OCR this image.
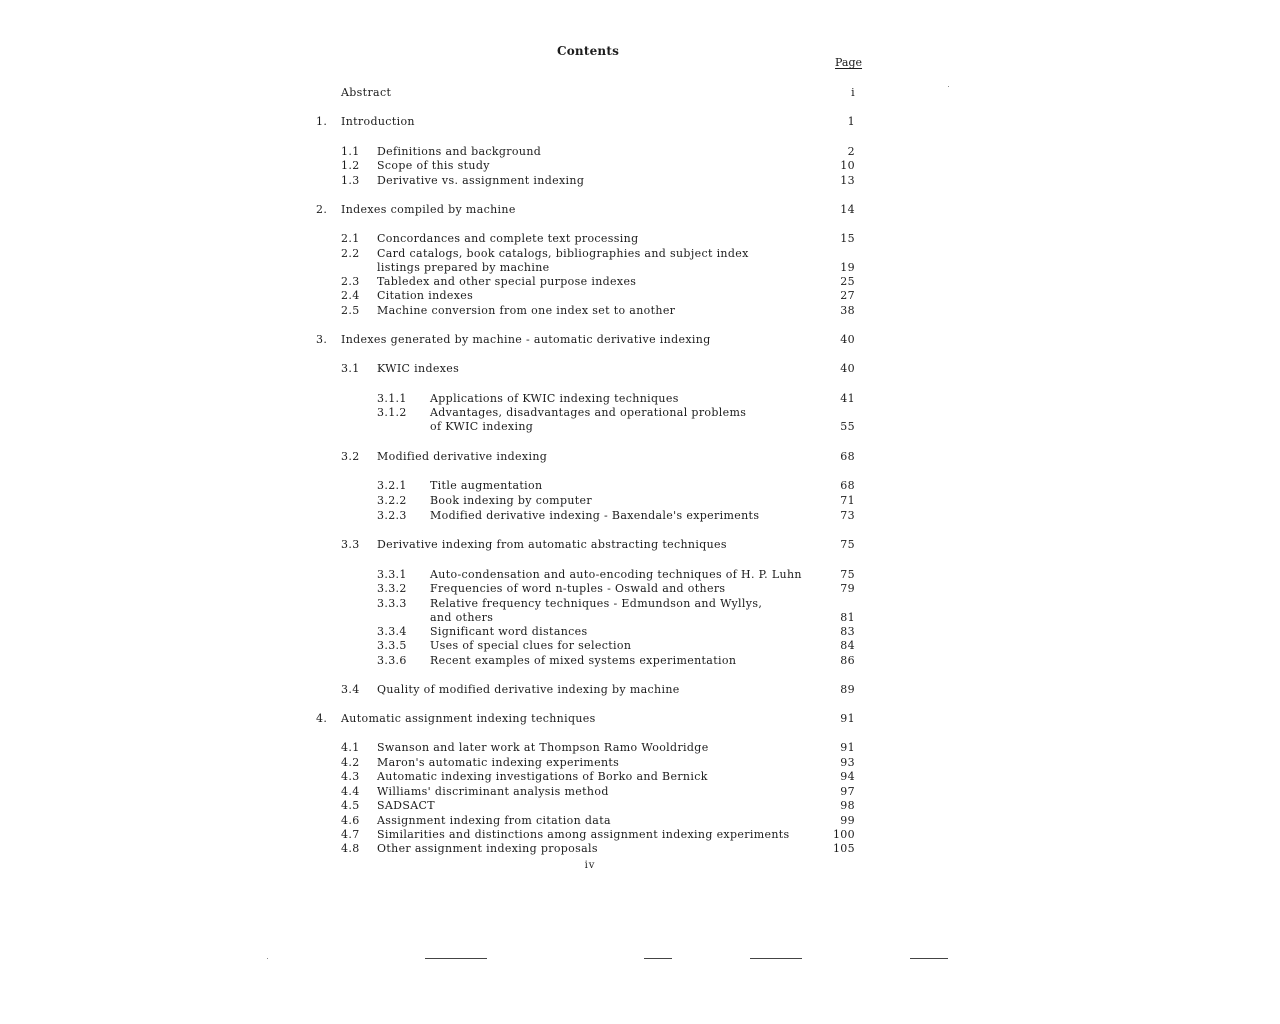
Contents
Page
Abstract	i
1. Introduction	1
1.1 Definitions and background	2
1.2 Scope of this study	10
1.3 Derivative vs. assignment indexing	13
2. Indexes compiled by machine	14
2.1 Concordances and complete text processing	15
2.2 Card catalogs, book catalogs, bibliographies and subject index
listings prepared by machine	19
2.3 Tabledex and other special purpose indexes	25
2.4 Citation indexes	27
2.5 Machine conversion from one index set to another	38
3. Indexes generated by machine - automatic derivative indexing	40
3.1 KWIC indexes	40
3.1.1 Applications of KWIC indexing techniques	41
3.1.2 Advantages, disadvantages and operational problems
of KWIC indexing	55
3.2 Modified derivative indexing	68
3.2.1 Title augmentation	68
3.2.2 Book indexing by computer	71
3.2.3 Modified derivative indexing - Baxendale's experiments	73
3.3 Derivative indexing from automatic abstracting techniques	75
3.3.1 Auto-condensation and auto-encoding techniques of H. P. Luhn	75
3.3.2 Frequencies of word n-tuples - Oswald and others	79
3.3.3 Relative frequency techniques - Edmundson and Wyllys,
and others	81
3.3.4 Significant word distances	83
3.3.5 Uses of special clues for selection	84
3.3.6 Recent examples of mixed systems experimentation	86
3.4 Quality of modified derivative indexing by machine	89
4. Automatic assignment indexing techniques	91
4.1 Swanson and later work at Thompson Ramo Wooldridge	91
4.2 Maron's automatic indexing experiments	93
4.3 Automatic indexing investigations of Borko and Bernick	94
4.4 Williams' discriminant analysis method	97
4.5 SADSACT	98
4.6 Assignment indexing from citation data	99
4.7 Similarities and distinctions among assignment indexing experiments	100
4.8 Other assignment indexing proposals	105
iv
